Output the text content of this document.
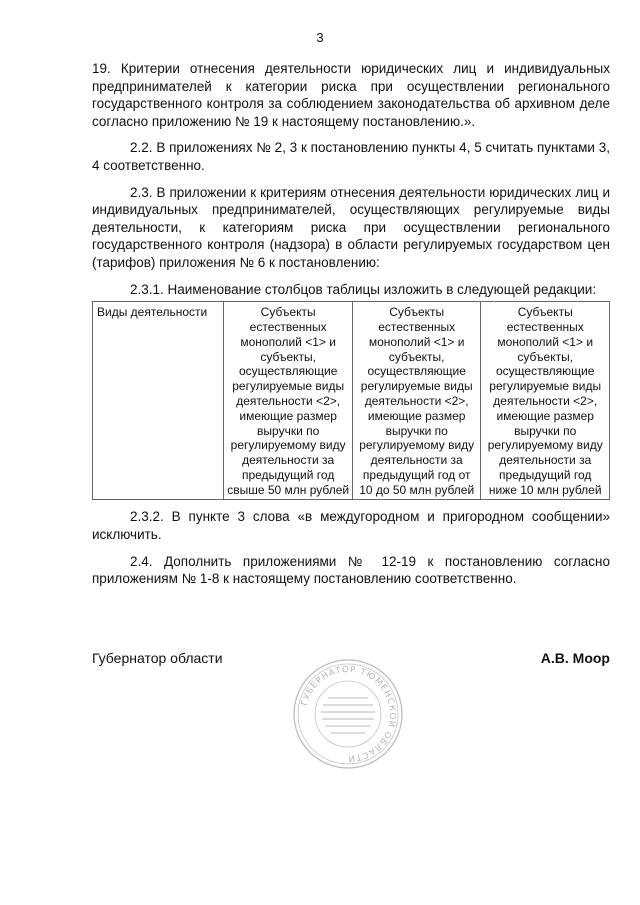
3

19. Критерии отнесения деятельности юридических лиц и индивидуальных предпринимателей к категории риска при осуществлении регионального государственного контроля за соблюдением законодательства об архивном деле согласно приложению № 19 к настоящему постановлению.».

2.2. В приложениях № 2, 3 к постановлению пункты 4, 5 считать пунктами 3, 4 соответственно.

2.3. В приложении к критериям отнесения деятельности юридических лиц и индивидуальных предпринимателей, осуществляющих регулируемые виды деятельности, к категориям риска при осуществлении регионального государственного контроля (надзора) в области регулируемых государством цен (тарифов) приложения № 6 к постановлению:

2.3.1. Наименование столбцов таблицы изложить в следующей редакции:

Виды деятельности	Субъекты естественных монополий <1> и субъекты, осуществляющие регулируемые виды деятельности <2>, имеющие размер выручки по регулируемому виду деятельности за предыдущий год свыше 50 млн рублей	Субъекты естественных монополий <1> и субъекты, осуществляющие регулируемые виды деятельности <2>, имеющие размер выручки по регулируемому виду деятельности за предыдущий год от 10 до 50 млн рублей	Субъекты естественных монополий <1> и субъекты, осуществляющие регулируемые виды деятельности <2>, имеющие размер выручки по регулируемому виду деятельности за предыдущий год ниже 10 млн рублей

2.3.2. В пункте 3 слова «в междугородном и пригородном сообщении» исключить.

2.4. Дополнить приложениями № 12-19 к постановлению согласно приложениям № 1-8 к настоящему постановлению соответственно.

Губернатор области	А.В. Моор
ГУБЕРНАТОР ТЮМЕНСКОЙ ОБЛАСТИ
